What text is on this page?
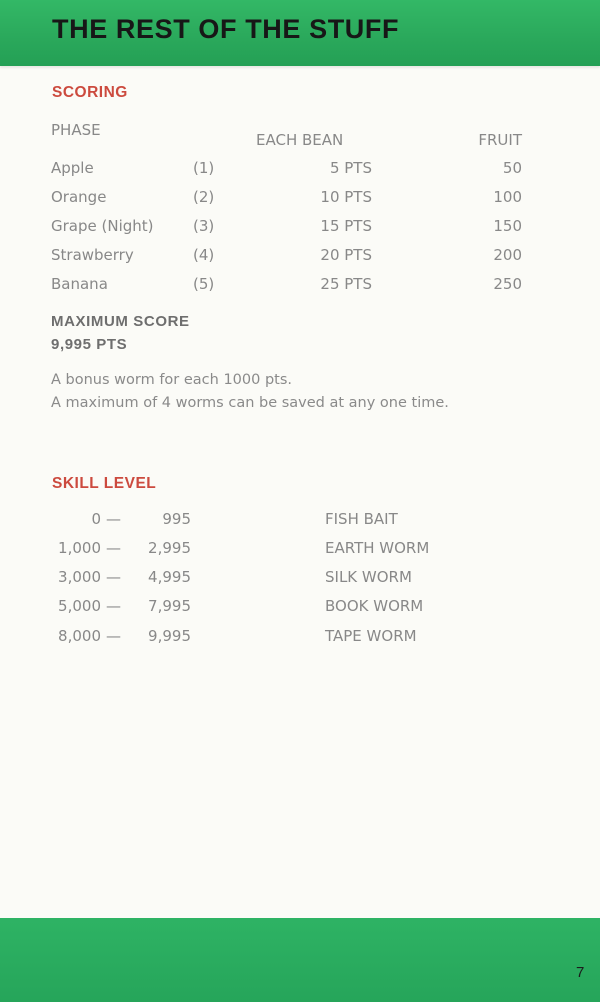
THE REST OF THE STUFF
SCORING
PHASE
EACH BEAN	FRUIT
Apple	(1)	5 PTS	50
Orange	(2)	10 PTS	100
Grape (Night)	(3)	15 PTS	150
Strawberry	(4)	20 PTS	200
Banana	(5)	25 PTS	250
MAXIMUM SCORE
9,995 PTS

A bonus worm for each 1000 pts.

A maximum of 4 worms can be saved at any one time.

SKILL LEVEL
0 —	995	FISH BAIT
1,000 —	2,995	EARTH WORM
3,000 —	4,995	SILK WORM
5,000 —	7,995	BOOK WORM
8,000 —	9,995	TAPE WORM
7
